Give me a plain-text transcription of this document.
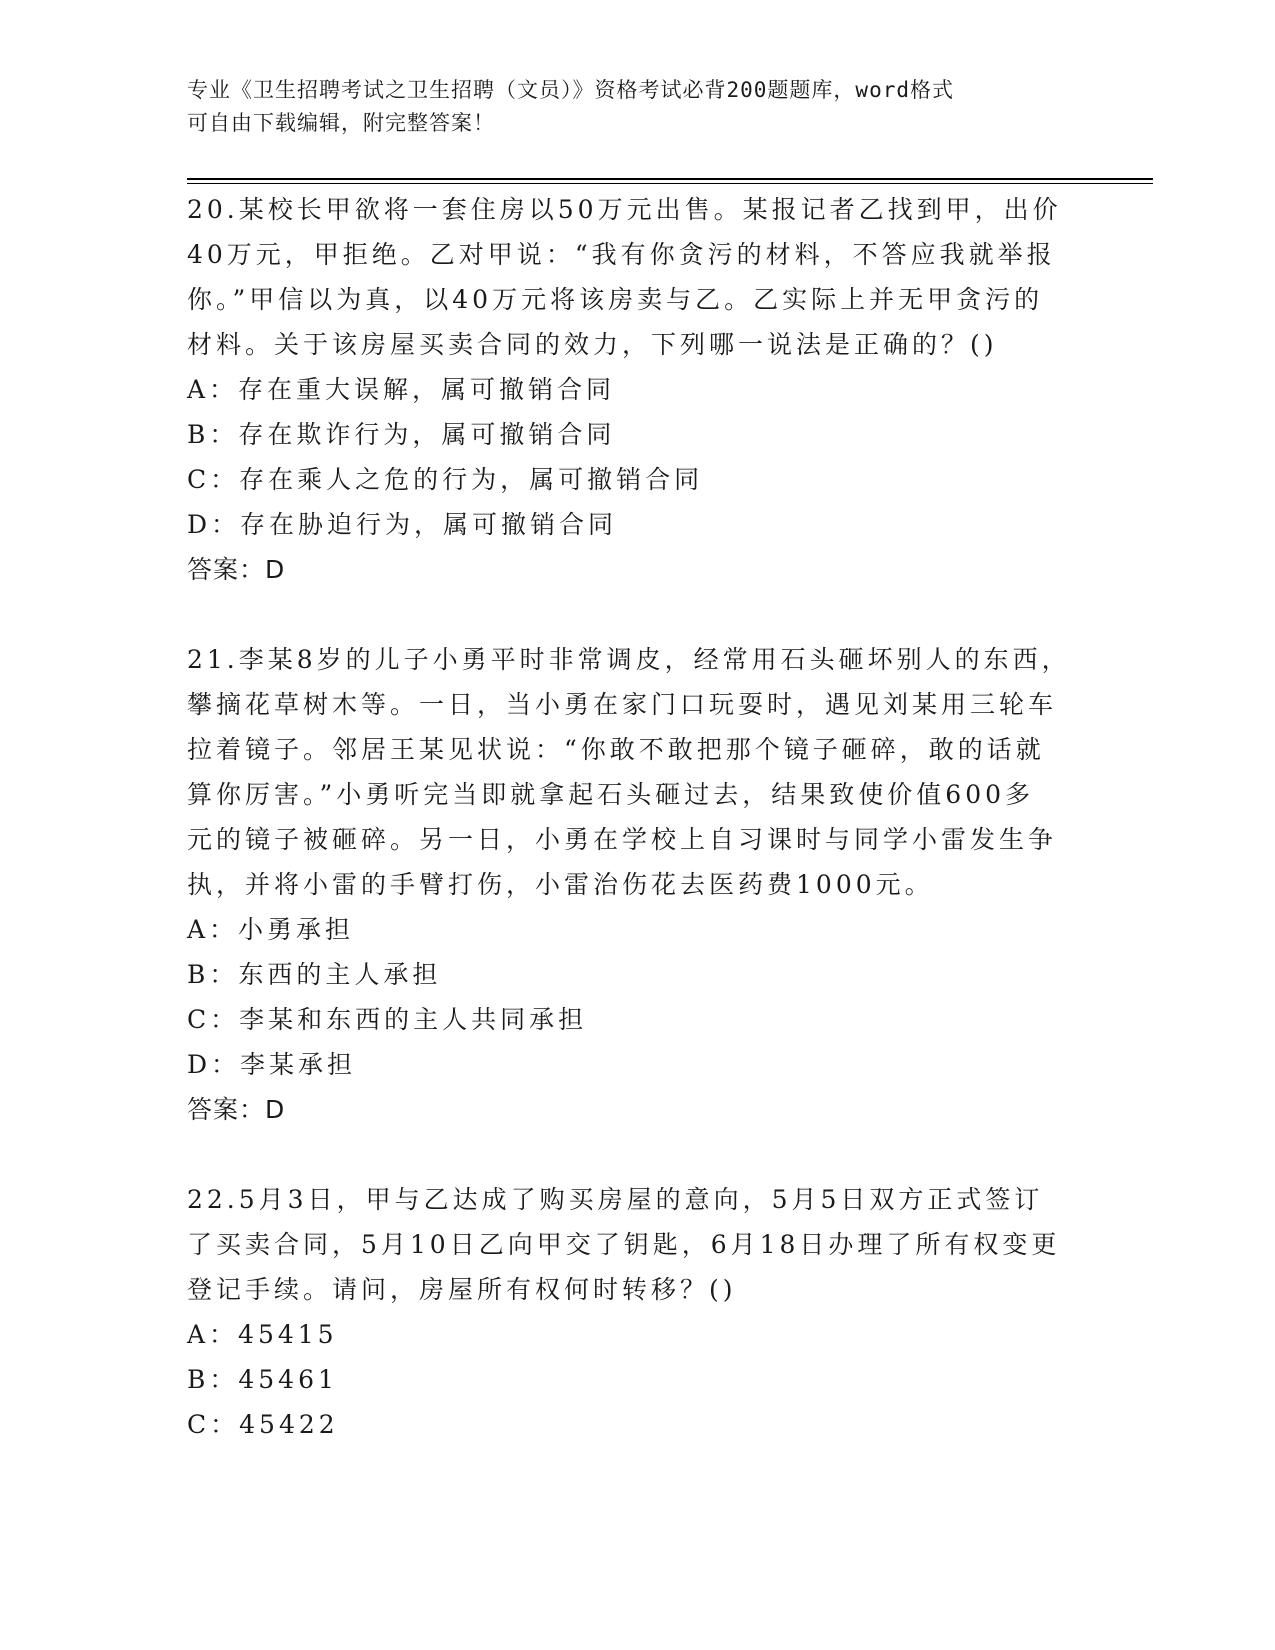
专业《卫生招聘考试之卫生招聘（文员）》资格考试必背200题题库，word格式
可自由下载编辑，附完整答案！
20.某校长甲欲将一套住房以50万元出售。某报记者乙找到甲，出价
40万元，甲拒绝。乙对甲说：“我有你贪污的材料，不答应我就举报
你。”甲信以为真，以40万元将该房卖与乙。乙实际上并无甲贪污的
材料。关于该房屋买卖合同的效力，下列哪一说法是正确的？()
A：存在重大误解，属可撤销合同
B：存在欺诈行为，属可撤销合同
C：存在乘人之危的行为，属可撤销合同
D：存在胁迫行为，属可撤销合同
答案：D
21.李某8岁的儿子小勇平时非常调皮，经常用石头砸坏别人的东西，
攀摘花草树木等。一日，当小勇在家门口玩耍时，遇见刘某用三轮车
拉着镜子。邻居王某见状说：“你敢不敢把那个镜子砸碎，敢的话就
算你厉害。”小勇听完当即就拿起石头砸过去，结果致使价值600多
元的镜子被砸碎。另一日，小勇在学校上自习课时与同学小雷发生争
执，并将小雷的手臂打伤，小雷治伤花去医药费1000元。
A：小勇承担
B：东西的主人承担
C：李某和东西的主人共同承担
D：李某承担
答案：D
22.5月3日，甲与乙达成了购买房屋的意向，5月5日双方正式签订
了买卖合同，5月10日乙向甲交了钥匙，6月18日办理了所有权变更
登记手续。请问，房屋所有权何时转移？()
A：45415
B：45461
C：45422
